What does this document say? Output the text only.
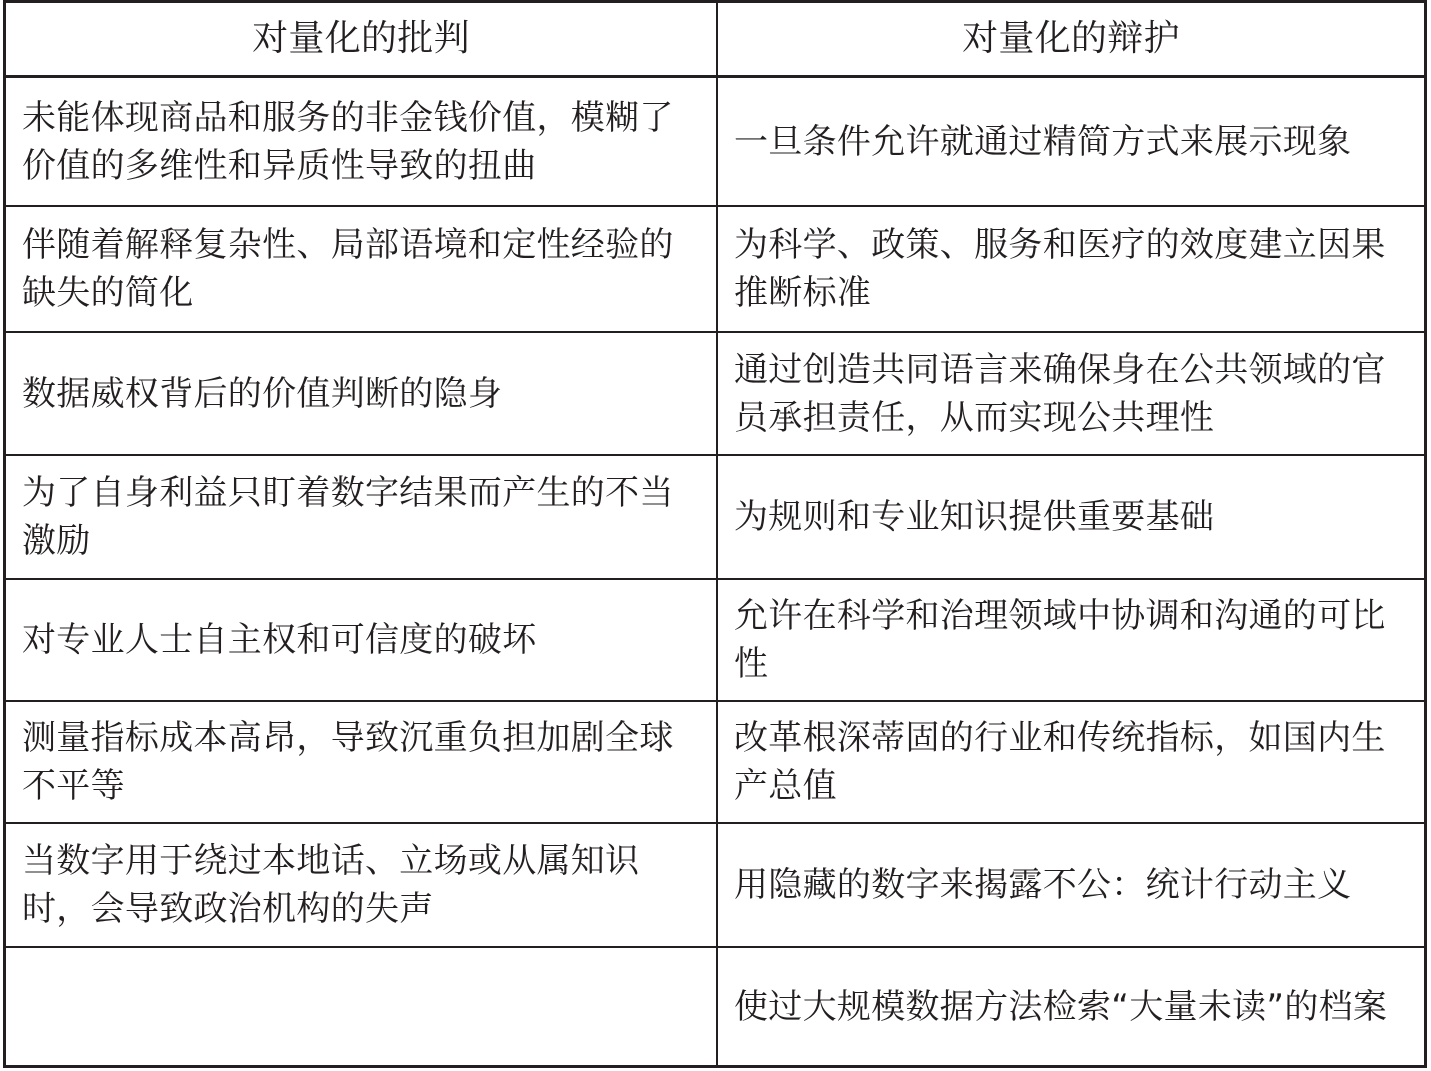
对量化的批判	对量化的辩护
未能体现商品和服务的非金钱价值，模糊了价值的多维性和异质性导致的扭曲
一旦条件允许就通过精简方式来展示现象
伴随着解释复杂性、局部语境和定性经验的缺失的简化
为科学、政策、服务和医疗的效度建立因果推断标准
数据威权背后的价值判断的隐身
通过创造共同语言来确保身在公共领域的官员承担责任，从而实现公共理性
为了自身利益只盯着数字结果而产生的不当激励
为规则和专业知识提供重要基础
对专业人士自主权和可信度的破坏
允许在科学和治理领域中协调和沟通的可比性
测量指标成本高昂，导致沉重负担加剧全球不平等
改革根深蒂固的行业和传统指标，如国内生产总值
当数字用于绕过本地话、立场或从属知识时，会导致政治机构的失声
用隐藏的数字来揭露不公：统计行动主义
使过大规模数据方法检索“大量未读”的档案
